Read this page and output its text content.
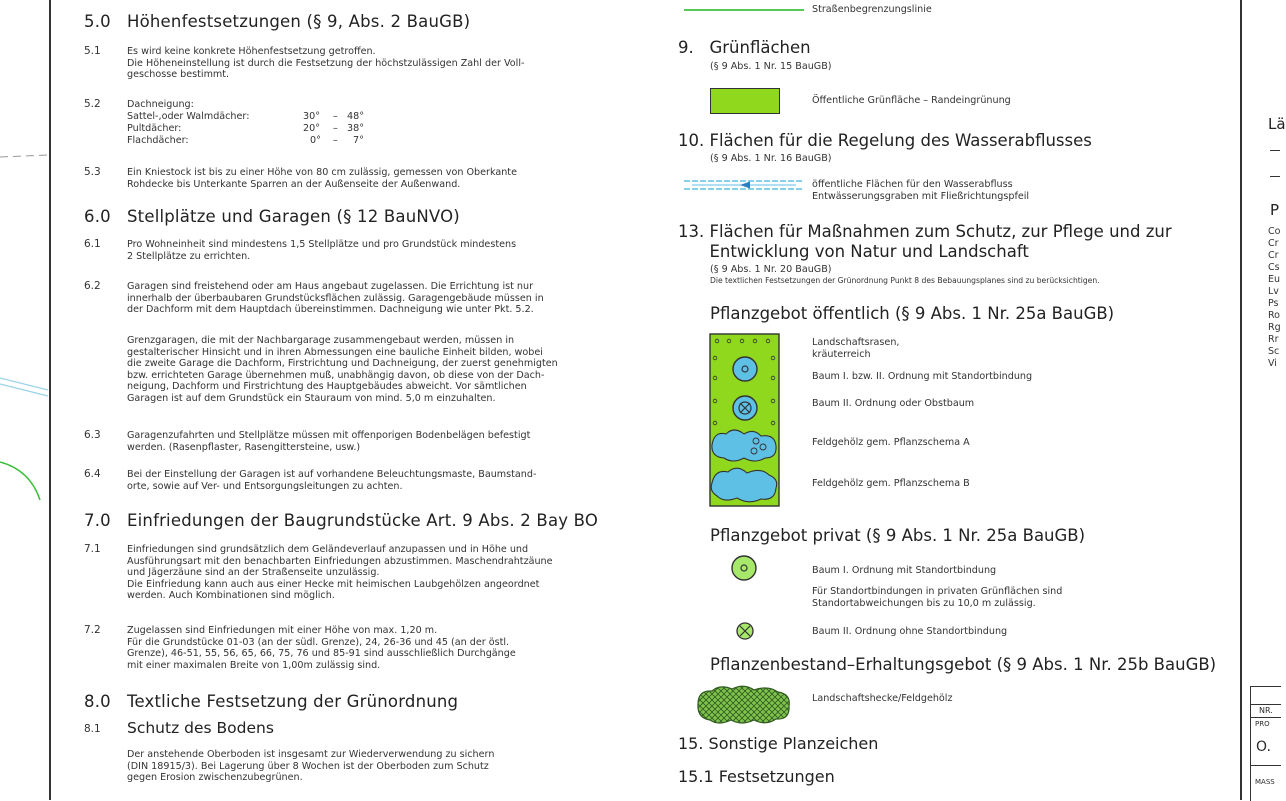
5.0 Höhenfestsetzungen (§ 9, Abs. 2 BauGB)
5.1	Es wird keine konkrete Höhenfestsetzung getroffen.
Die Höheneinstellung ist durch die Festsetzung der höchstzulässigen Zahl der Voll-
geschosse bestimmt.
5.2	Dachneigung:
Sattel-,oder Walmdächer:	30° – 48°
Pultdächer:	20° – 38°
Flachdächer:	0° – 7°
5.3	Ein Kniestock ist bis zu einer Höhe von 80 cm zulässig, gemessen von Oberkante
Rohdecke bis Unterkante Sparren an der Außenseite der Außenwand.
6.0 Stellplätze und Garagen (§ 12 BauNVO)
6.1	Pro Wohneinheit sind mindestens 1,5 Stellplätze und pro Grundstück mindestens
2 Stellplätze zu errichten.
6.2	Garagen sind freistehend oder am Haus angebaut zugelassen. Die Errichtung ist nur
innerhalb der überbaubaren Grundstücksflächen zulässig. Garagengebäude müssen in
der Dachform mit dem Hauptdach übereinstimmen. Dachneigung wie unter Pkt. 5.2.
Grenzgaragen, die mit der Nachbargarage zusammengebaut werden, müssen in
gestalterischer Hinsicht und in ihren Abmessungen eine bauliche Einheit bilden, wobei
die zweite Garage die Dachform, Firstrichtung und Dachneigung, der zuerst genehmigten
bzw. errichteten Garage übernehmen muß, unabhängig davon, ob diese von der Dach-
neigung, Dachform und Firstrichtung des Hauptgebäudes abweicht. Vor sämtlichen
Garagen ist auf dem Grundstück ein Stauraum von mind. 5,0 m einzuhalten.
6.3	Garagenzufahrten und Stellplätze müssen mit offenporigen Bodenbelägen befestigt
werden. (Rasenpflaster, Rasengittersteine, usw.)
6.4	Bei der Einstellung der Garagen ist auf vorhandene Beleuchtungsmaste, Baumstand-
orte, sowie auf Ver- und Entsorgungsleitungen zu achten.
7.0 Einfriedungen der Baugrundstücke Art. 9 Abs. 2 Bay BO
7.1	Einfriedungen sind grundsätzlich dem Geländeverlauf anzupassen und in Höhe und
Ausführungsart mit den benachbarten Einfriedungen abzustimmen. Maschendrahtzäune
und Jägerzäune sind an der Straßenseite unzulässig.
Die Einfriedung kann auch aus einer Hecke mit heimischen Laubgehölzen angeordnet
werden. Auch Kombinationen sind möglich.
7.2	Zugelassen sind Einfriedungen mit einer Höhe von max. 1,20 m.
Für die Grundstücke 01-03 (an der südl. Grenze), 24, 26-36 und 45 (an der östl.
Grenze), 46-51, 55, 56, 65, 66, 75, 76 und 85-91 sind ausschließlich Durchgänge
mit einer maximalen Breite von 1,00m zulässig sind.
8.0 Textliche Festsetzung der Grünordnung
8.1 Schutz des Bodens
Der anstehende Oberboden ist insgesamt zur Wiederverwendung zu sichern
(DIN 18915/3). Bei Lagerung über 8 Wochen ist der Oberboden zum Schutz
gegen Erosion zwischenzubegrünen.
Straßenbegrenzungslinie
9.   Grünflächen
(§ 9 Abs. 1 Nr. 15 BauGB)
Öffentliche Grünfläche – Randeingrünung
10. Flächen für die Regelung des Wasserabflusses
(§ 9 Abs. 1 Nr. 16 BauGB)
öffentliche Flächen für den Wasserabfluss
Entwässerungsgraben mit Fließrichtungspfeil
13. Flächen für Maßnahmen zum Schutz, zur Pflege und zur
Entwicklung von Natur und Landschaft
(§ 9 Abs. 1 Nr. 20 BauGB)
Die textlichen Festsetzungen der Grünordnung Punkt 8 des Bebauungsplanes sind zu berücksichtigen.
Pflanzgebot öffentlich (§ 9 Abs. 1 Nr. 25a BauGB)
Landschaftsrasen,
kräuterreich
Baum I. bzw. II. Ordnung mit Standortbindung
Baum II. Ordnung oder Obstbaum
Feldgehölz gem. Pflanzschema A
Feldgehölz gem. Pflanzschema B
Pflanzgebot privat (§ 9 Abs. 1 Nr. 25a BauGB)
Baum I. Ordnung mit Standortbindung
Für Standortbindungen in privaten Grünflächen sind
Standortabweichungen bis zu 10,0 m zulässig.
Baum II. Ordnung ohne Standortbindung
Pflanzenbestand–Erhaltungsgebot (§ 9 Abs. 1 Nr. 25b BauGB)
Landschaftshecke/Feldgehölz
15. Sonstige Planzeichen
15.1 Festsetzungen
Lä
P
Co
Cr
Cr
Cs
Eu
Lv
Ps
Ro
Rg
Rr
Sc
Vi
NR.
PRO
O.
MASS
